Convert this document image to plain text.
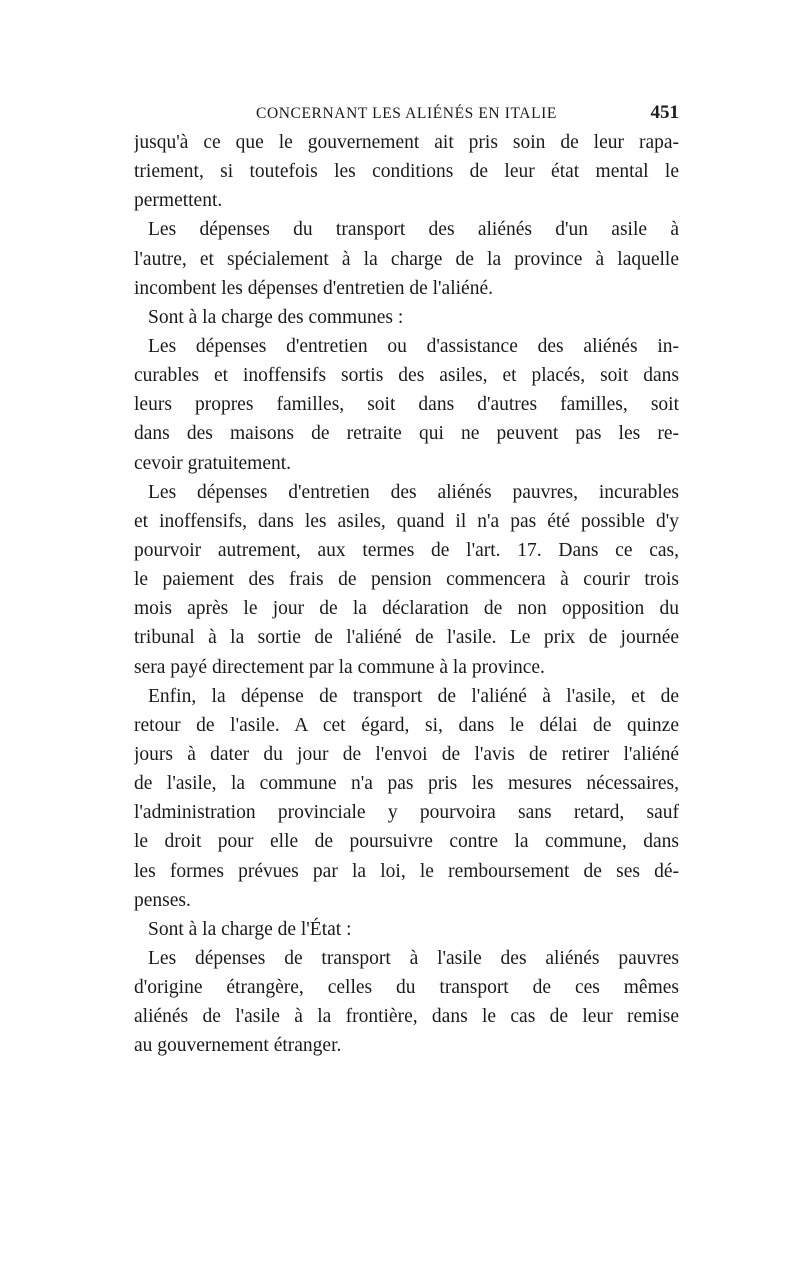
CONCERNANT LES ALIÉNÉS EN ITALIE	451
jusqu'à ce que le gouvernement ait pris soin de leur rapa-
triement, si toutefois les conditions de leur état mental le
permettent.
Les dépenses du transport des aliénés d'un asile à
l'autre, et spécialement à la charge de la province à laquelle
incombent les dépenses d'entretien de l'aliéné.
Sont à la charge des communes :
Les dépenses d'entretien ou d'assistance des aliénés in-
curables et inoffensifs sortis des asiles, et placés, soit dans
leurs propres familles, soit dans d'autres familles, soit
dans des maisons de retraite qui ne peuvent pas les re-
cevoir gratuitement.
Les dépenses d'entretien des aliénés pauvres, incurables
et inoffensifs, dans les asiles, quand il n'a pas été possible d'y
pourvoir autrement, aux termes de l'art. 17. Dans ce cas,
le paiement des frais de pension commencera à courir trois
mois après le jour de la déclaration de non opposition du
tribunal à la sortie de l'aliéné de l'asile. Le prix de journée
sera payé directement par la commune à la province.
Enfin, la dépense de transport de l'aliéné à l'asile, et de
retour de l'asile. A cet égard, si, dans le délai de quinze
jours à dater du jour de l'envoi de l'avis de retirer l'aliéné
de l'asile, la commune n'a pas pris les mesures nécessaires,
l'administration provinciale y pourvoira sans retard, sauf
le droit pour elle de poursuivre contre la commune, dans
les formes prévues par la loi, le remboursement de ses dé-
penses.
Sont à la charge de l'État :
Les dépenses de transport à l'asile des aliénés pauvres
d'origine étrangère, celles du transport de ces mêmes
aliénés de l'asile à la frontière, dans le cas de leur remise
au gouvernement étranger.
